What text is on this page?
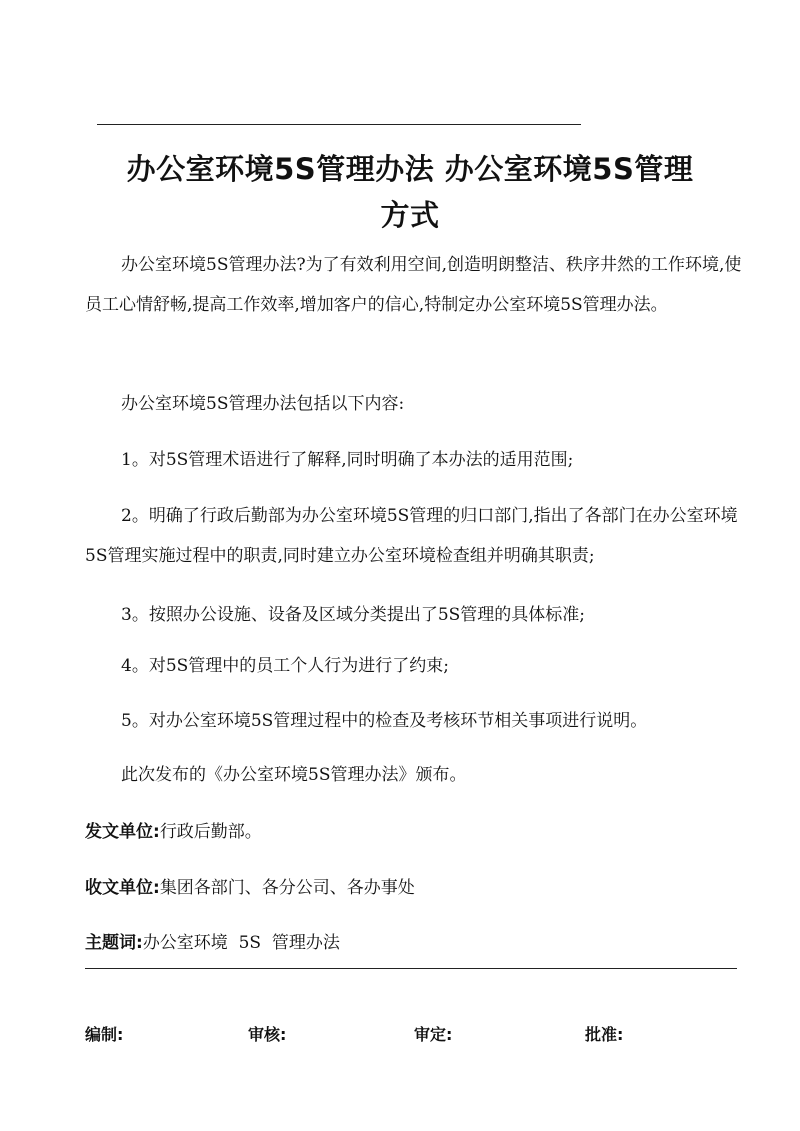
办公室环境5S管理办法 办公室环境5S管理
方式

办公室环境5S管理办法?为了有效利用空间,创造明朗整洁、秩序井然的工作环境,使员工心情舒畅,提高工作效率,增加客户的信心,特制定办公室环境5S管理办法。

办公室环境5S管理办法包括以下内容:

1。对5S管理术语进行了解释,同时明确了本办法的适用范围;

2。明确了行政后勤部为办公室环境5S管理的归口部门,指出了各部门在办公室环境5S管理实施过程中的职责,同时建立办公室环境检查组并明确其职责;

3。按照办公设施、设备及区域分类提出了5S管理的具体标准;

4。对5S管理中的员工个人行为进行了约束;

5。对办公室环境5S管理过程中的检查及考核环节相关事项进行说明。

此次发布的《办公室环境5S管理办法》颁布。

发文单位:行政后勤部。

收文单位:集团各部门、各分公司、各办事处

主题词:办公室环境  5S  管理办法

编制:	审核:	审定:	批准:
